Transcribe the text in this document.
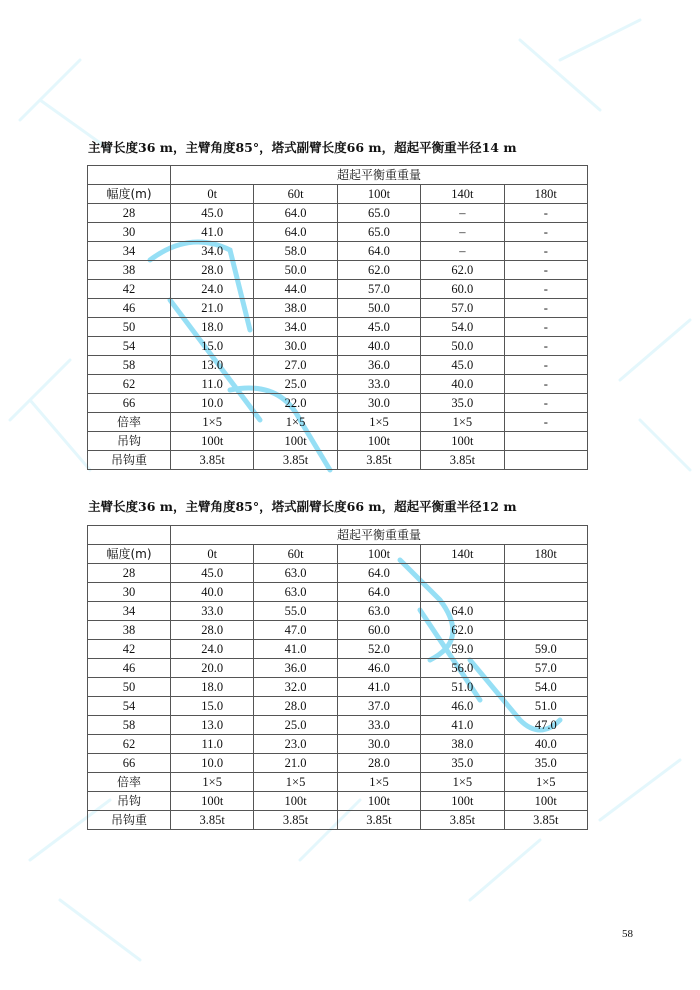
主臂长度36 m，主臂角度85°，塔式副臂长度66 m，超起平衡重半径14 m
	超起平衡重重量				
幅度(m)	0t	60t	100t	140t	180t
28	45.0	64.0	65.0	–	-
30	41.0	64.0	65.0	–	-
34	34.0	58.0	64.0	–	-
38	28.0	50.0	62.0	62.0	-
42	24.0	44.0	57.0	60.0	-
46	21.0	38.0	50.0	57.0	-
50	18.0	34.0	45.0	54.0	-
54	15.0	30.0	40.0	50.0	-
58	13.0	27.0	36.0	45.0	-
62	11.0	25.0	33.0	40.0	-
66	10.0	22.0	30.0	35.0	-
倍率	1×5	1×5	1×5	1×5	-
吊钩	100t	100t	100t	100t	
吊钩重	3.85t	3.85t	3.85t	3.85t	
主臂长度36 m，主臂角度85°，塔式副臂长度66 m，超起平衡重半径12 m
	超起平衡重重量				
幅度(m)	0t	60t	100t	140t	180t
28	45.0	63.0	64.0		
30	40.0	63.0	64.0		
34	33.0	55.0	63.0	64.0	
38	28.0	47.0	60.0	62.0	
42	24.0	41.0	52.0	59.0	59.0
46	20.0	36.0	46.0	56.0	57.0
50	18.0	32.0	41.0	51.0	54.0
54	15.0	28.0	37.0	46.0	51.0
58	13.0	25.0	33.0	41.0	47.0
62	11.0	23.0	30.0	38.0	40.0
66	10.0	21.0	28.0	35.0	35.0
倍率	1×5	1×5	1×5	1×5	1×5
吊钩	100t	100t	100t	100t	100t
吊钩重	3.85t	3.85t	3.85t	3.85t	3.85t
58
